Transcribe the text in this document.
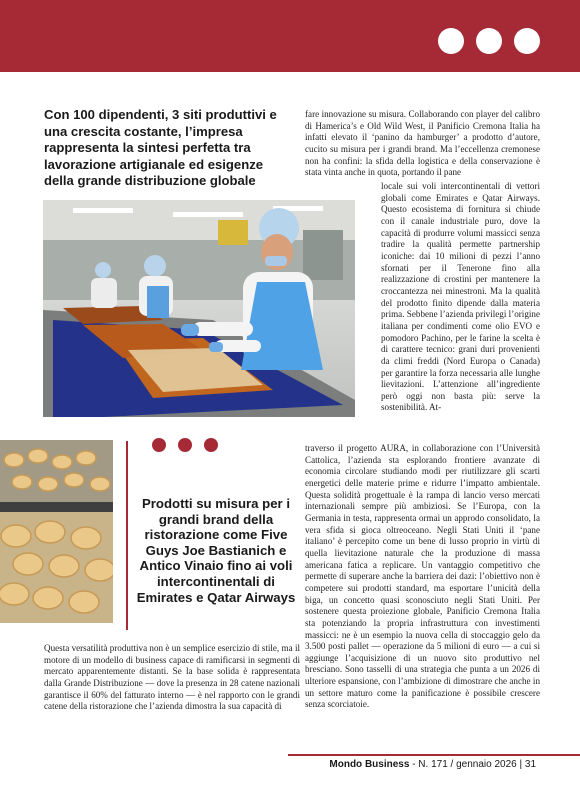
Con 100 dipendenti, 3 siti produttivi e una crescita costante, l’impresa rappresenta la sintesi perfetta tra lavorazione artigianale ed esigenze della grande distribuzione globale

Prodotti su misura per i grandi brand della ristorazione come Five Guys Joe Bastianich e Antico Vinaio fino ai voli intercontinentali di Emirates e Qatar Airways

Questa versatilità produttiva non è un semplice esercizio di stile, ma il motore di un modello di business capace di ramificarsi in segmenti di mercato apparentemente distanti. Se la base solida è rappresentata dalla Grande Distribuzione — dove la presenza in 28 catene nazionali garantisce il 60% del fatturato interno — è nel rapporto con le grandi catene della ristorazione che l’azienda dimostra la sua capacità di

fare innovazione su misura. Collaborando con player del calibro di Hamerica’s e Old Wild West, il Panificio Cremona Italia ha infatti elevato il ‘panino da hamburger’ a prodotto d’autore, cucito su misura per i grandi brand. Ma l’eccellenza cremonese non ha confini: la sfida della logistica e della conservazione è stata vinta anche in quota, portando il pane

locale sui voli intercontinentali di vettori globali come Emirates e Qatar Airways. Questo ecosistema di fornitura si chiude con il canale industriale puro, dove la capacità di produrre volumi massicci senza tradire la qualità permette partnership iconiche: dai 10 milioni di pezzi l’anno sfornati per il Tenerone fino alla realizzazione di crostini per mantenere la croccantezza nei minestroni. Ma la qualità del prodotto finito dipende dalla materia prima. Sebbene l’azienda privilegi l’origine italiana per condimenti come olio EVO e pomodoro Pachino, per le farine la scelta è di carattere tecnico: grani duri provenienti da climi freddi (Nord Europa o Canada) per garantire la forza necessaria alle lunghe lievitazioni. L’attenzione all’ingrediente però oggi non basta più: serve la sostenibilità. At-

traverso il progetto AURA, in collaborazione con l’Università Cattolica, l’azienda sta esplorando frontiere avanzate di economia circolare studiando modi per riutilizzare gli scarti energetici delle materie prime e ridurre l’impatto ambientale. Questa solidità progettuale è la rampa di lancio verso mercati internazionali sempre più ambiziosi. Se l’Europa, con la Germania in testa, rappresenta ormai un approdo consolidato, la vera sfida si gioca oltreoceano. Negli Stati Uniti il ‘pane italiano’ è percepito come un bene di lusso proprio in virtù di quella lievitazione naturale che la produzione di massa americana fatica a replicare. Un vantaggio competitivo che permette di superare anche la barriera dei dazi: l’obiettivo non è competere sui prodotti standard, ma esportare l’unicità della biga, un concetto quasi sconosciuto negli Stati Uniti. Per sostenere questa proiezione globale, Panificio Cremona Italia sta potenziando la propria infrastruttura con investimenti massicci: ne è un esempio la nuova cella di stoccaggio gelo da 3.500 posti pallet — operazione da 5 milioni di euro — a cui si aggiunge l’acquisizione di un nuovo sito produttivo nel bresciano. Sono tasselli di una strategia che punta a un 2026 di ulteriore espansione, con l’ambizione di dimostrare che anche in un settore maturo come la panificazione è possibile crescere senza scorciatoie.

Mondo Business - N. 171 / gennaio 2026 | 31
